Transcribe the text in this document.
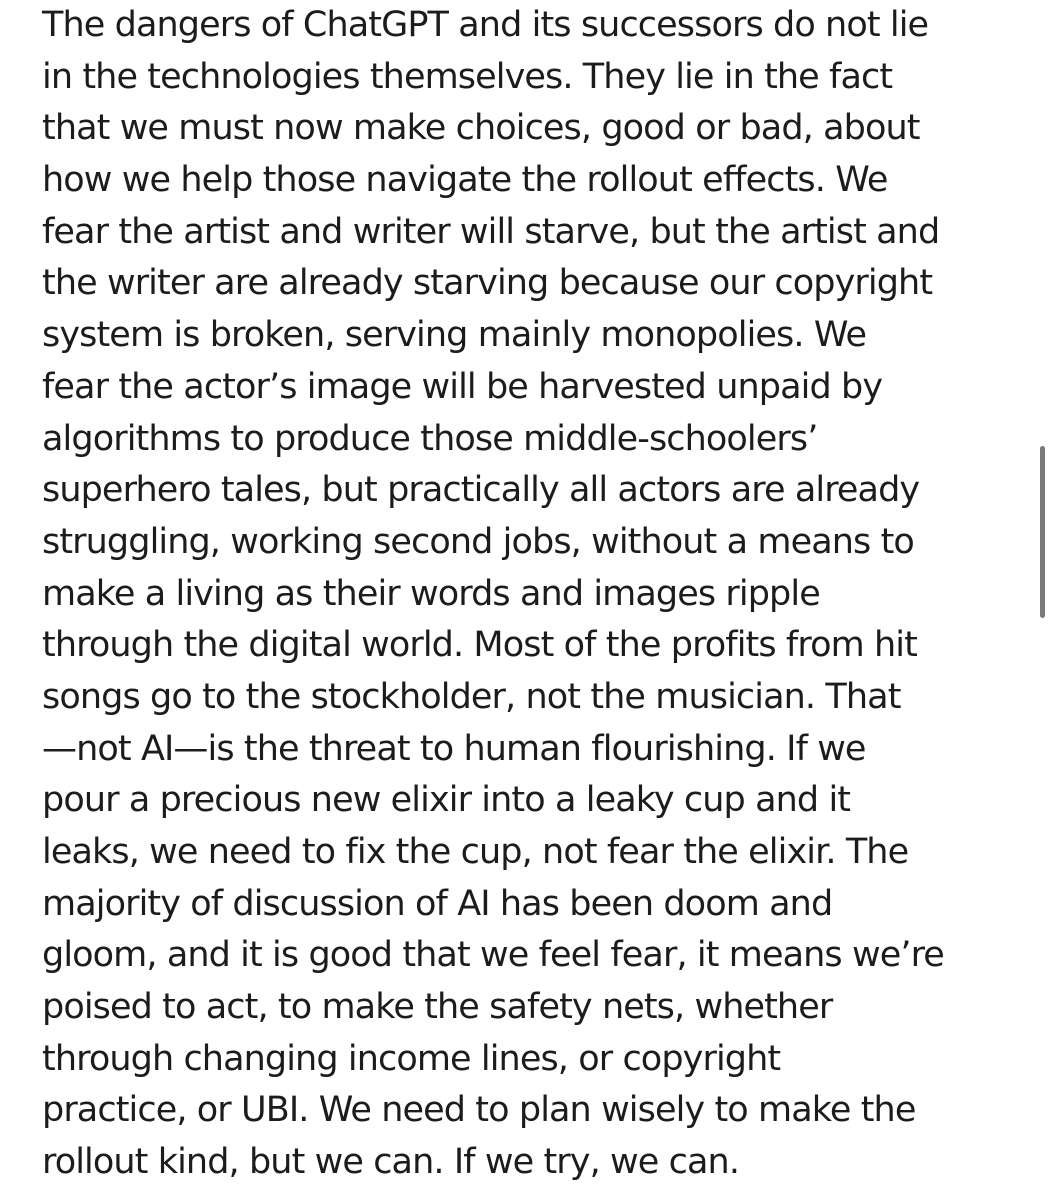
The dangers of ChatGPT and its successors do not lie
in the technologies themselves. They lie in the fact
that we must now make choices, good or bad, about
how we help those navigate the rollout effects. We
fear the artist and writer will starve, but the artist and
the writer are already starving because our copyright
system is broken, serving mainly monopolies. We
fear the actor’s image will be harvested unpaid by
algorithms to produce those middle-schoolers’
superhero tales, but practically all actors are already
struggling, working second jobs, without a means to
make a living as their words and images ripple
through the digital world. Most of the profits from hit
songs go to the stockholder, not the musician. That
—not AI—is the threat to human flourishing. If we
pour a precious new elixir into a leaky cup and it
leaks, we need to fix the cup, not fear the elixir. The
majority of discussion of AI has been doom and
gloom, and it is good that we feel fear, it means we’re
poised to act, to make the safety nets, whether
through changing income lines, or copyright
practice, or UBI. We need to plan wisely to make the
rollout kind, but we can. If we try, we can.
